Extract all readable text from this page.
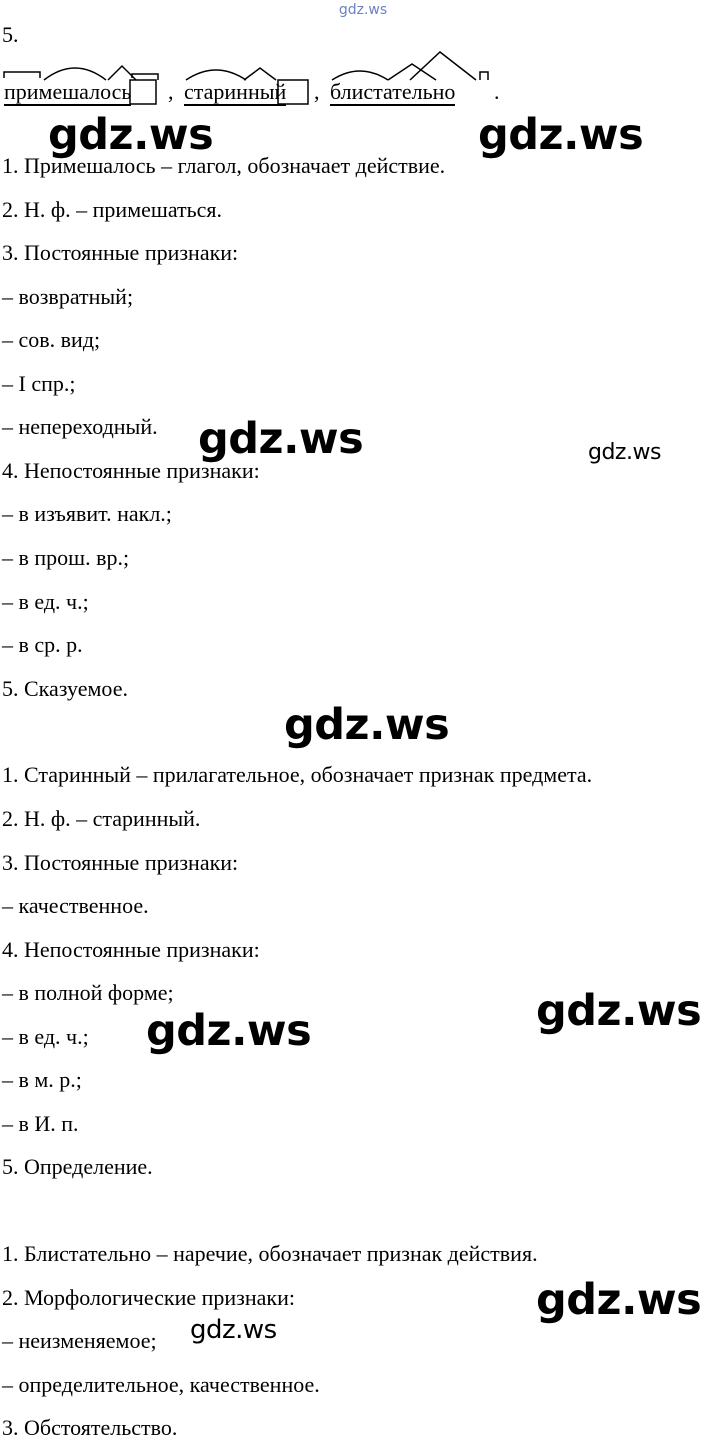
gdz.ws
5.
примешалось , старинный , блистательно .
1. Примешалось – глагол, обозначает действие.
2. Н. ф. – примешаться.
3. Постоянные признаки:
– возвратный;
– сов. вид;
– I спр.;
– непереходный.
4. Непостоянные признаки:
– в изъявит. накл.;
– в прош. вр.;
– в ед. ч.;
– в ср. р.
5. Сказуемое.
1. Старинный – прилагательное, обозначает признак предмета.
2. Н. ф. – старинный.
3. Постоянные признаки:
– качественное.
4. Непостоянные признаки:
– в полной форме;
– в ед. ч.;
– в м. р.;
– в И. п.
5. Определение.
1. Блистательно – наречие, обозначает признак действия.
2. Морфологические признаки:
– неизменяемое;
– определительное, качественное.
3. Обстоятельство.
gdz.ws	gdz.ws
gdz.ws	gdz.ws
gdz.ws
gdz.ws
gdz.ws
gdz.ws
gdz.ws
